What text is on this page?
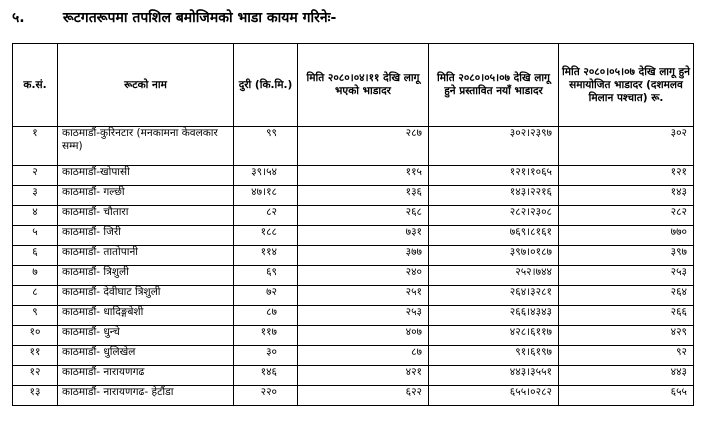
५.	रूटगतरूपमा तपशिल बमोजिमको भाडा कायम गरिनेः-
क.सं.	रूटको नाम	दुरी (कि.मि.)	मिति २०८०।०४।११ देखि लागू भएको भाडादर	मिति २०८०।०५।०७ देखि लागू हुने प्रस्तावित नयाँ भाडादर	मिति २०८०।०५।०७ देखि लागू हुने समायोजित भाडादर (दशमलव मिलान पश्चात) रू.
१	काठमाडौं-कुरिनटार (मनकामना केवलकार सम्म)	९९	२८७	३०२।२३९७	३०२
२	काठमाडौं-खोपासी	३९।५४	११५	१२१।१०६५	१२१
३	काठमाडौं- गल्छी	४७।१८	१३६	१४३।२२१६	१४३
४	काठमाडौं- चौतारा	८२	२६८	२८२।२३०८	२८२
५	काठमाडौं- जिरी	१८८	७३१	७६९।८१६१	७७०
६	काठमाडौं- तातोपानी	११४	३७७	३९७।०१८७	३९७
७	काठमाडौं- त्रिशुली	६९	२४०	२५२।७४४	२५३
८	काठमाडौं- देवीघाट त्रिशुली	७२	२५१	२६४।३२८१	२६४
९	काठमाडौं- धादिङ्गबेशी	८७	२५३	२६६।४३४३	२६६
१०	काठमाडौं- धुन्चे	११७	४०७	४२८।६११७	४२९
११	काठमाडौं- धुलिखेल	३०	८७	९१।६१९७	९२
१२	काठमाडौं- नारायणगढ	१४६	४२१	४४३।३५५१	४४३
१३	काठमाडौं- नारायणगढ- हेटौंडा	२२०	६२२	६५५।०२८२	६५५
